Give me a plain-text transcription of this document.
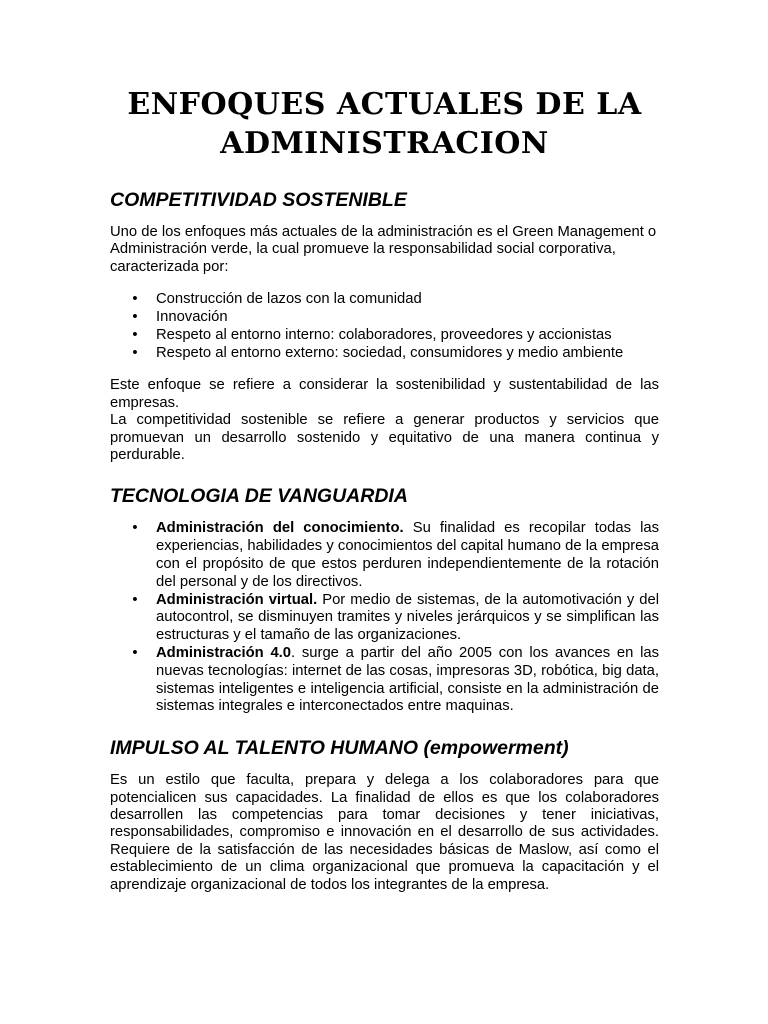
ENFOQUES ACTUALES DE LA
ADMINISTRACION
COMPETITIVIDAD SOSTENIBLE

Uno de los enfoques más actuales de la administración es el Green Management o Administración verde, la cual promueve la responsabilidad social corporativa, caracterizada por:

• Construcción de lazos con la comunidad
• Innovación
• Respeto al entorno interno: colaboradores, proveedores y accionistas
• Respeto al entorno externo: sociedad, consumidores y medio ambiente

Este enfoque se refiere a considerar la sostenibilidad y sustentabilidad de las empresas.

La competitividad sostenible se refiere a generar productos y servicios que promuevan un desarrollo sostenido y equitativo de una manera continua y perdurable.

TECNOLOGIA DE VANGUARDIA
• Administración del conocimiento. Su finalidad es recopilar todas las experiencias, habilidades y conocimientos del capital humano de la empresa con el propósito de que estos perduren independientemente de la rotación del personal y de los directivos.
• Administración virtual. Por medio de sistemas, de la automotivación y del autocontrol, se disminuyen tramites y niveles jerárquicos y se simplifican las estructuras y el tamaño de las organizaciones.
• Administración 4.0. surge a partir del año 2005 con los avances en las nuevas tecnologías: internet de las cosas, impresoras 3D, robótica, big data, sistemas inteligentes e inteligencia artificial, consiste en la administración de sistemas integrales e interconectados entre maquinas.
IMPULSO AL TALENTO HUMANO (empowerment)

Es un estilo que faculta, prepara y delega a los colaboradores para que potencialicen sus capacidades. La finalidad de ellos es que los colaboradores desarrollen las competencias para tomar decisiones y tener iniciativas, responsabilidades, compromiso e innovación en el desarrollo de sus actividades. Requiere de la satisfacción de las necesidades básicas de Maslow, así como el establecimiento de un clima organizacional que promueva la capacitación y el aprendizaje organizacional de todos los integrantes de la empresa.
